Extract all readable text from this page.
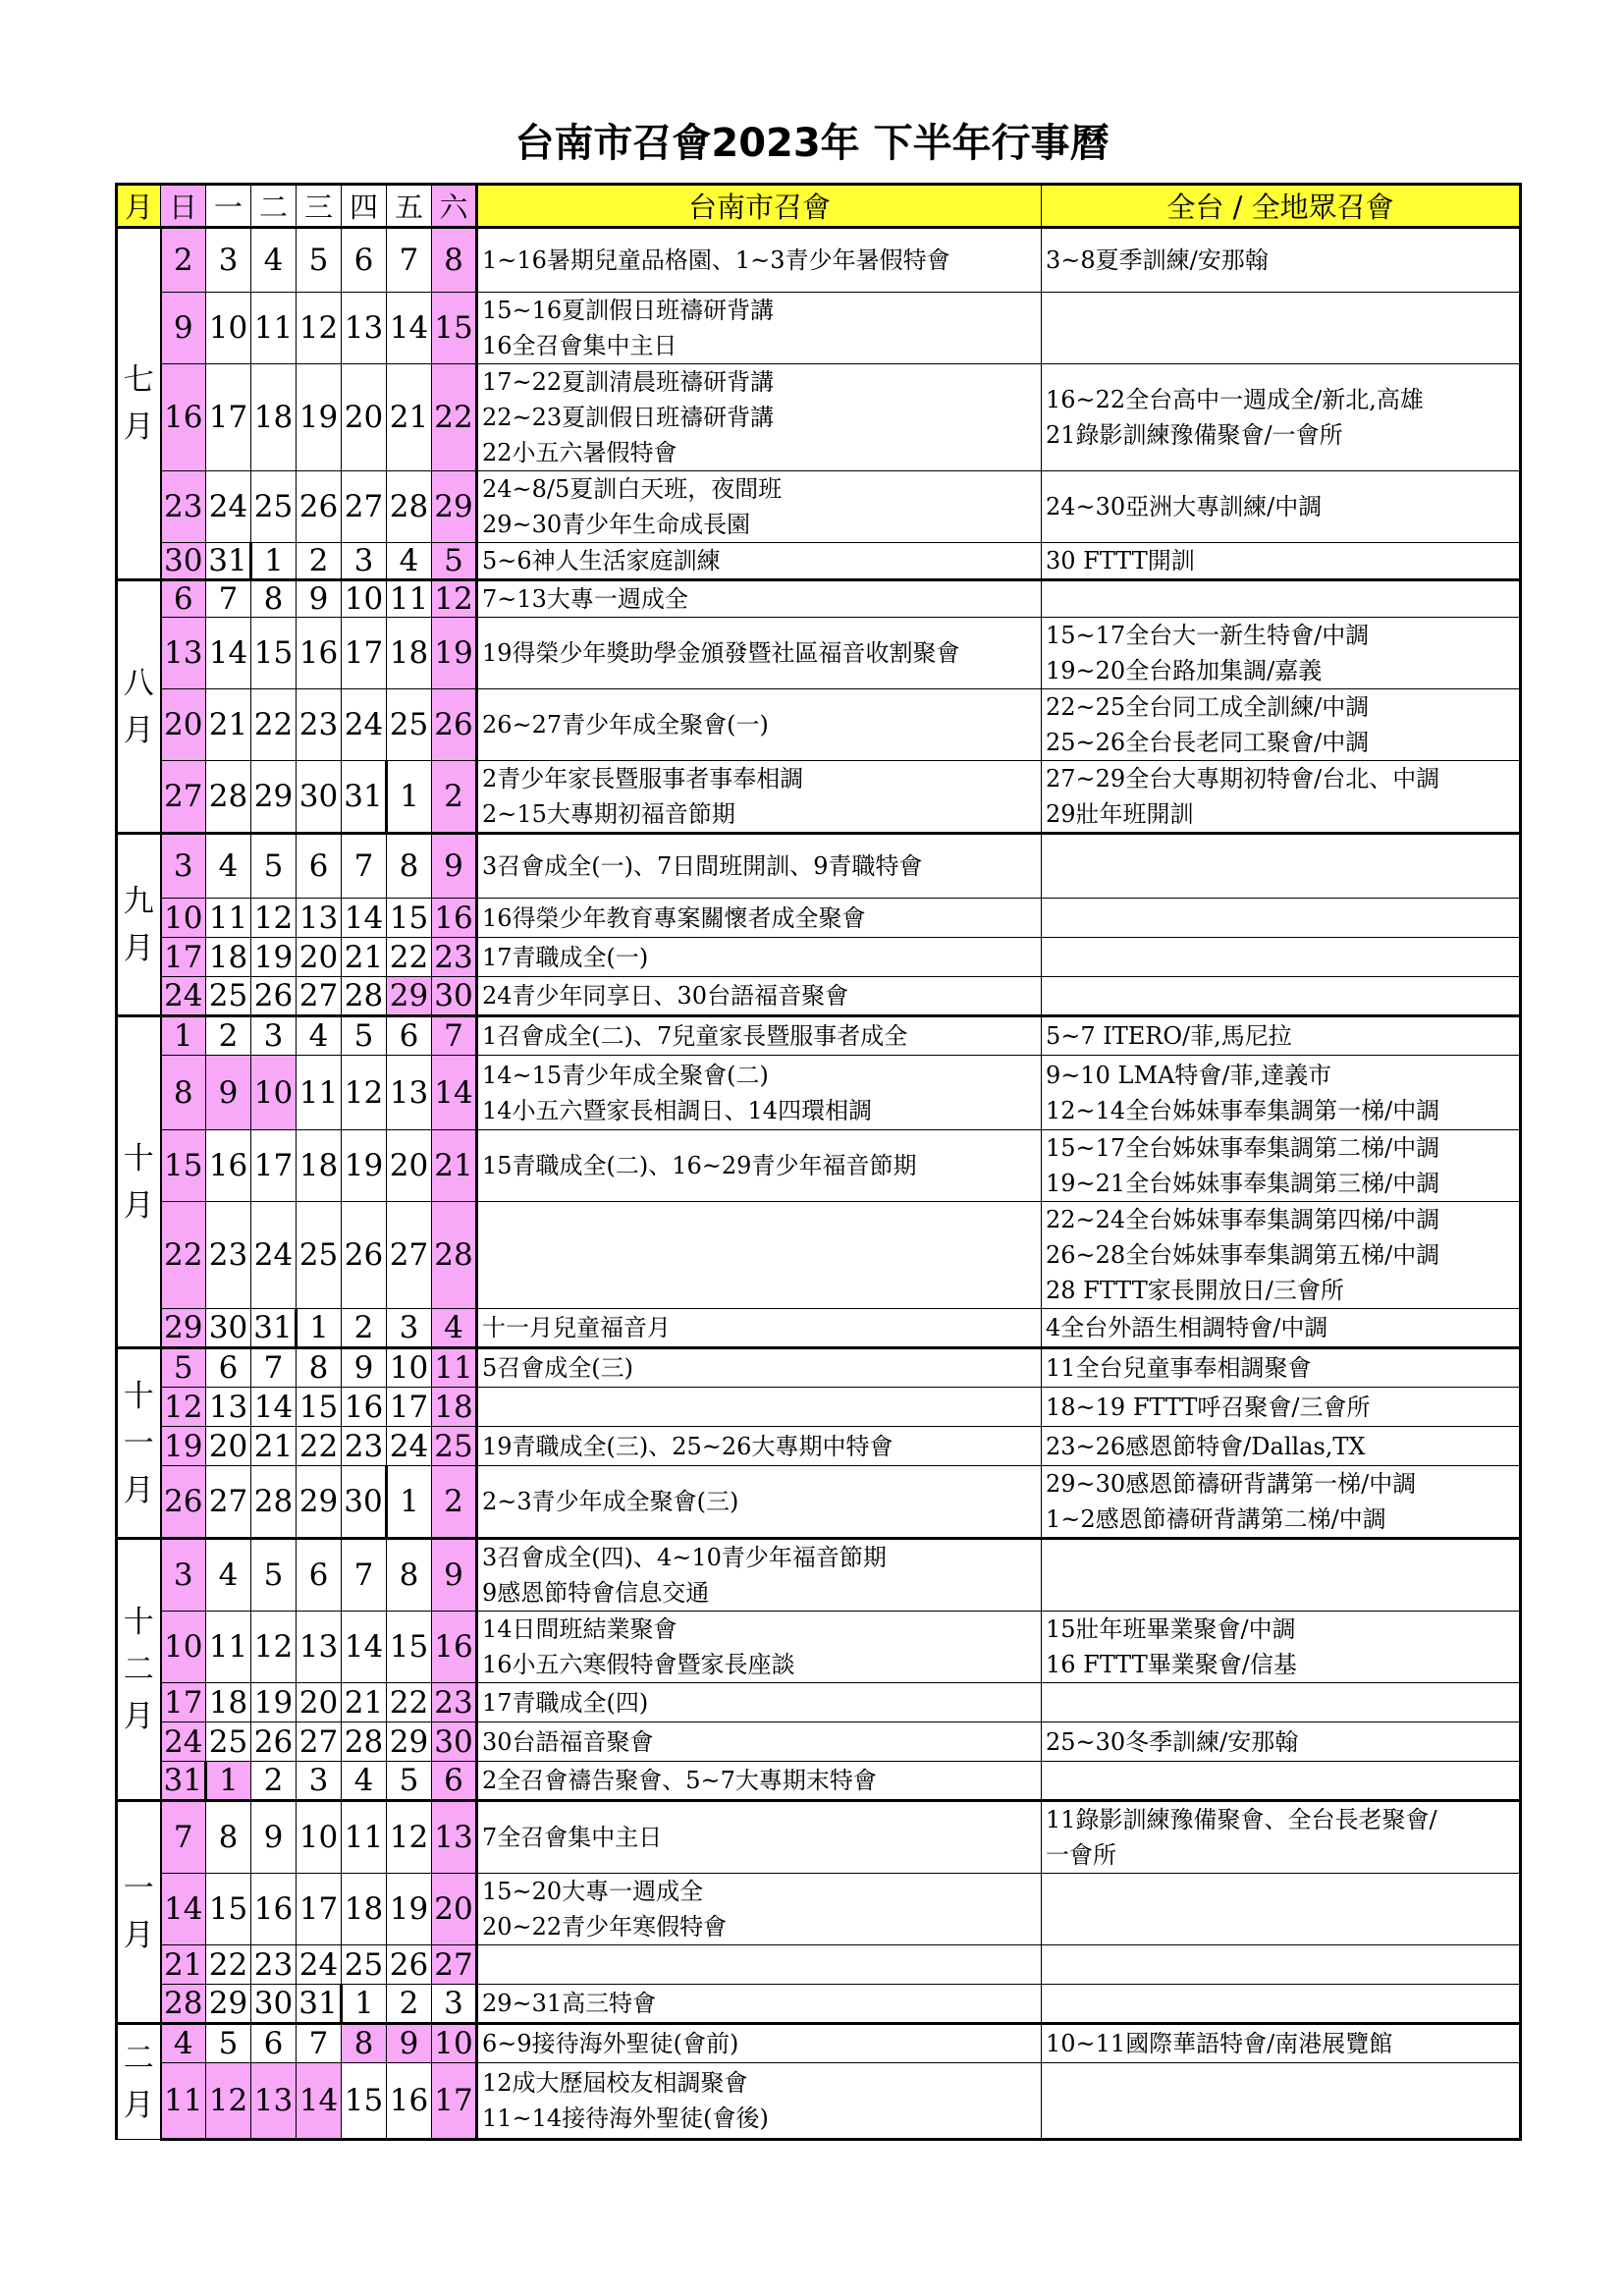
台南市召會2023年 下半年行事曆
月	日	一	二	三	四	五	六	台南市召會	全台 / 全地眾召會

七
月	2	3	4	5	6	7	8	1~16暑期兒童品格園、1~3青少年暑假特會	3~8夏季訓練/安那翰

	9	10	11	12	13	14	15	15~16夏訓假日班禱研背講
16全召會集中主日	

	16	17	18	19	20	21	22	17~22夏訓清晨班禱研背講
22~23夏訓假日班禱研背講
22小五六暑假特會	16~22全台高中一週成全/新北,高雄
21錄影訓練豫備聚會/一會所

	23	24	25	26	27	28	29	24~8/5夏訓白天班，夜間班
29~30青少年生命成長園	24~30亞洲大專訓練/中調

	30	31	1	2	3	4	5	5~6神人生活家庭訓練	30 FTTT開訓

八
月	6	7	8	9	10	11	12	7~13大專一週成全	

	13	14	15	16	17	18	19	19得榮少年獎助學金頒發暨社區福音收割聚會	15~17全台大一新生特會/中調
19~20全台路加集調/嘉義

	20	21	22	23	24	25	26	26~27青少年成全聚會(一)	22~25全台同工成全訓練/中調
25~26全台長老同工聚會/中調

	27	28	29	30	31	1	2	2青少年家長暨服事者事奉相調
2~15大專期初福音節期	27~29全台大專期初特會/台北、中調
29壯年班開訓

九
月	3	4	5	6	7	8	9	3召會成全(一)、7日間班開訓、9青職特會	

	10	11	12	13	14	15	16	16得榮少年教育專案關懷者成全聚會	

	17	18	19	20	21	22	23	17青職成全(一)	

	24	25	26	27	28	29	30	24青少年同享日、30台語福音聚會	

十
月	1	2	3	4	5	6	7	1召會成全(二)、7兒童家長暨服事者成全	5~7 ITERO/菲,馬尼拉

	8	9	10	11	12	13	14	14~15青少年成全聚會(二)
14小五六暨家長相調日、14四環相調	9~10 LMA特會/菲,達義市
12~14全台姊妹事奉集調第一梯/中調

	15	16	17	18	19	20	21	15青職成全(二)、16~29青少年福音節期	15~17全台姊妹事奉集調第二梯/中調
19~21全台姊妹事奉集調第三梯/中調

	22	23	24	25	26	27	28		22~24全台姊妹事奉集調第四梯/中調
26~28全台姊妹事奉集調第五梯/中調
28 FTTT家長開放日/三會所

	29	30	31	1	2	3	4	十一月兒童福音月	4全台外語生相調特會/中調

十
一
月	5	6	7	8	9	10	11	5召會成全(三)	11全台兒童事奉相調聚會

	12	13	14	15	16	17	18		18~19 FTTT呼召聚會/三會所

	19	20	21	22	23	24	25	19青職成全(三)、25~26大專期中特會	23~26感恩節特會/Dallas,TX

	26	27	28	29	30	1	2	2~3青少年成全聚會(三)	29~30感恩節禱研背講第一梯/中調
1~2感恩節禱研背講第二梯/中調

十
二
月	3	4	5	6	7	8	9	3召會成全(四)、4~10青少年福音節期
9感恩節特會信息交通	

	10	11	12	13	14	15	16	14日間班結業聚會
16小五六寒假特會暨家長座談	15壯年班畢業聚會/中調
16 FTTT畢業聚會/信基

	17	18	19	20	21	22	23	17青職成全(四)	

	24	25	26	27	28	29	30	30台語福音聚會	25~30冬季訓練/安那翰

	31	1	2	3	4	5	6	2全召會禱告聚會、5~7大專期末特會	

一
月	7	8	9	10	11	12	13	7全召會集中主日	11錄影訓練豫備聚會、全台長老聚會/
一會所

	14	15	16	17	18	19	20	15~20大專一週成全
20~22青少年寒假特會	

	21	22	23	24	25	26	27		
	28	29	30	31	1	2	3	29~31高三特會	

二
月	4	5	6	7	8	9	10	6~9接待海外聖徒(會前)	10~11國際華語特會/南港展覽館

	11	12	13	14	15	16	17	12成大歷屆校友相調聚會
11~14接待海外聖徒(會後)	
